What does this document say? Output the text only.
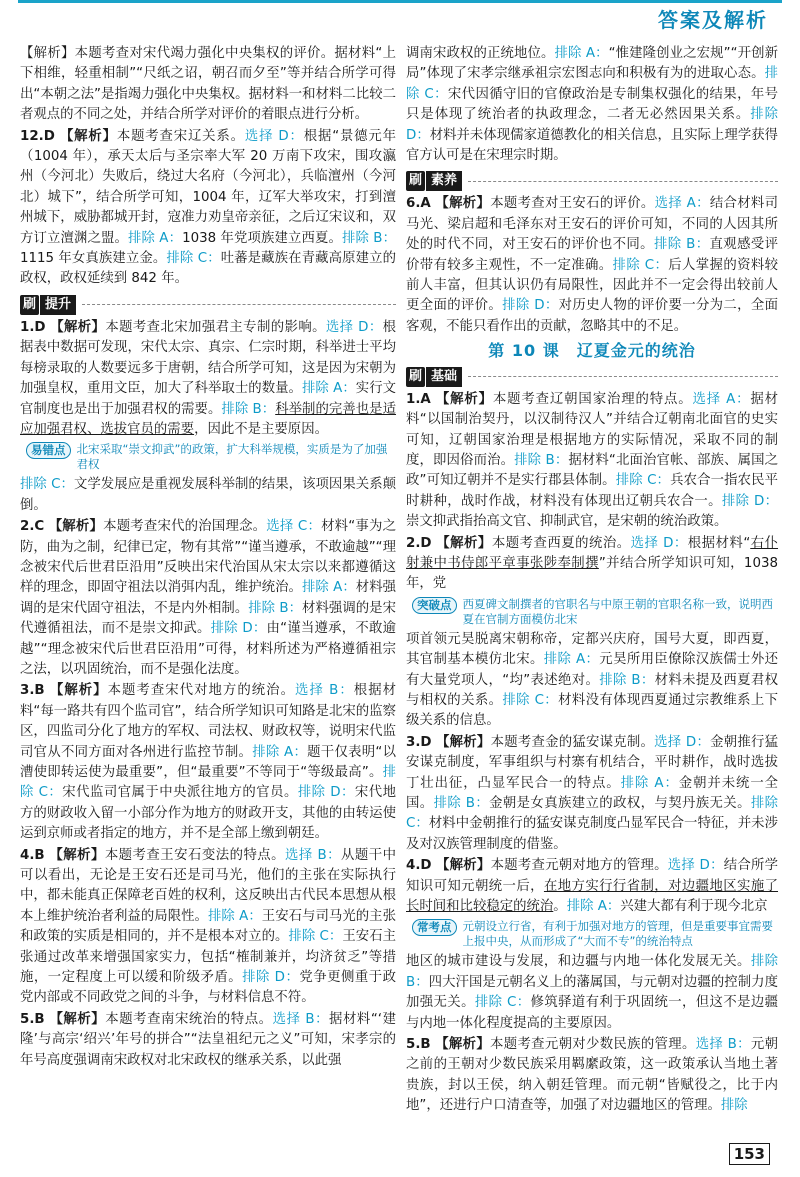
答案及解析

【解析】本题考查对宋代竭力强化中央集权的评价。据材料“上下相维，轻重相制”“尺纸之诏，朝召而夕至”等并结合所学可得出“本朝之法”是指竭力强化中央集权。据材料一和材料二比较二者观点的不同之处，并结合所学对评价的着眼点进行分析。

12.D 【解析】本题考查宋辽关系。选择 D：根据“景德元年（1004 年），承天太后与圣宗率大军 20 万南下攻宋，围攻瀛州（今河北）失败后，绕过大名府（今河北），兵临澶州（今河北）城下”，结合所学可知，1004 年，辽军大举攻宋，打到澶州城下，威胁都城开封，寇准力劝皇帝亲征，之后辽宋议和，双方订立澶渊之盟。排除 A：1038 年党项族建立西夏。排除 B：1115 年女真族建立金。排除 C：吐蕃是藏族在青藏高原建立的政权，政权延续到 842 年。

刷 提升

1.D 【解析】本题考查北宋加强君主专制的影响。选择 D：根据表中数据可发现，宋代太宗、真宗、仁宗时期，科举进士平均每榜录取的人数要远多于唐朝，结合所学可知，这是因为宋朝为加强皇权，重用文臣，加大了科举取士的数量。排除 A：实行文官制度也是出于加强君权的需要。排除 B：科举制的完善也是适应加强君权、选拔官员的需要，因此不是主要原因。

易错点 北宋采取“崇文抑武”的政策，扩大科举规模，实质是为了加强君权

排除 C：文学发展应是重视发展科举制的结果，该项因果关系颠倒。

2.C 【解析】本题考查宋代的治国理念。选择 C：材料“事为之防，曲为之制，纪律已定，物有其常”“谨当遵承，不敢逾越”“理念被宋代后世君臣沿用”反映出宋代治国从宋太宗以来都遵循这样的理念，即固守祖法以消弭内乱，维护统治。排除 A：材料强调的是宋代固守祖法，不是内外相制。排除 B：材料强调的是宋代遵循祖法，而不是崇文抑武。排除 D：由“谨当遵承，不敢逾越”“理念被宋代后世君臣沿用”可得，材料所述为严格遵循祖宗之法，以巩固统治，而不是强化法度。

3.B 【解析】本题考查宋代对地方的统治。选择 B：根据材料“每一路共有四个监司官”，结合所学知识可知路是北宋的监察区，四监司分化了地方的军权、司法权、财政权等，说明宋代监司官从不同方面对各州进行监控节制。排除 A：题干仅表明“以漕使即转运使为最重要”，但“最重要”不等同于“等级最高”。排除 C：宋代监司官属于中央派往地方的官员。排除 D：宋代地方的财政收入留一小部分作为地方的财政开支，其他的由转运使运到京师或者指定的地方，并不是全部上缴到朝廷。

4.B 【解析】本题考查王安石变法的特点。选择 B：从题干中可以看出，无论是王安石还是司马光，他们的主张在实际执行中，都未能真正保障老百姓的权利，这反映出古代民本思想从根本上维护统治者利益的局限性。排除 A：王安石与司马光的主张和政策的实质是相同的，并不是根本对立的。排除 C：王安石主张通过改革来增强国家实力，包括“榷制兼并，均济贫乏”等措施，一定程度上可以缓和阶级矛盾。排除 D：党争更侧重于政党内部或不同政党之间的斗争，与材料信息不符。

5.B 【解析】本题考查南宋统治的特点。选择 B：据材料“‘建隆’与高宗‘绍兴’年号的拼合”“法皇祖纪元之义”可知，宋孝宗的年号高度强调南宋政权对北宋政权的继承关系，以此强

调南宋政权的正统地位。排除 A：“惟建隆创业之宏规”“开创新局”体现了宋孝宗继承祖宗宏图志向和积极有为的进取心态。排除 C：宋代因循守旧的官僚政治是专制集权强化的结果，年号只是体现了统治者的执政理念，二者无必然因果关系。排除 D：材料并未体现儒家道德教化的相关信息，且实际上理学获得官方认可是在宋理宗时期。

刷 素养

6.A 【解析】本题考查对王安石的评价。选择 A：结合材料司马光、梁启超和毛泽东对王安石的评价可知，不同的人因其所处的时代不同，对王安石的评价也不同。排除 B：直观感受评价带有较多主观性，不一定准确。排除 C：后人掌握的资料较前人丰富，但其认识仍有局限性，因此并不一定会得出较前人更全面的评价。排除 D：对历史人物的评价要一分为二，全面客观，不能只看作出的贡献，忽略其中的不足。

第 10 课　辽夏金元的统治
刷 基础

1.A 【解析】本题考查辽朝国家治理的特点。选择 A：据材料“以国制治契丹，以汉制待汉人”并结合辽朝南北面官的史实可知，辽朝国家治理是根据地方的实际情况，采取不同的制度，即因俗而治。排除 B：据材料“北面治官帐、部族、属国之政”可知辽朝并不是实行郡县体制。排除 C：兵农合一指农民平时耕种，战时作战，材料没有体现出辽朝兵农合一。排除 D：崇文抑武指抬高文官、抑制武官，是宋朝的统治政策。

2.D 【解析】本题考查西夏的统治。选择 D：根据材料“右仆射兼中书侍郎平章事张陟奉制撰”并结合所学知识可知，1038 年，党

突破点 西夏碑文制撰者的官职名与中原王朝的官职名称一致，说明西夏在官制方面模仿北宋

项首领元昊脱离宋朝称帝，定都兴庆府，国号大夏，即西夏，其官制基本模仿北宋。排除 A：元昊所用臣僚除汉族儒士外还有大量党项人，“均”表述绝对。排除 B：材料未提及西夏君权与相权的关系。排除 C：材料没有体现西夏通过宗教维系上下级关系的信息。

3.D 【解析】本题考查金的猛安谋克制。选择 D：金朝推行猛安谋克制度，军事组织与村寨有机结合，平时耕作，战时选拔丁壮出征，凸显军民合一的特点。排除 A：金朝并未统一全国。排除 B：金朝是女真族建立的政权，与契丹族无关。排除 C：材料中金朝推行的猛安谋克制度凸显军民合一特征，并未涉及对汉族管理制度的借鉴。

4.D 【解析】本题考查元朝对地方的管理。选择 D：结合所学知识可知元朝统一后，在地方实行行省制，对边疆地区实施了长时间和比较稳定的统治。排除 A：兴建大都有利于现今北京

常考点 元朝设立行省，有利于加强对地方的管理，但是重要事宜需要上报中央，从而形成了“大而不专”的统治特点

地区的城市建设与发展，和边疆与内地一体化发展无关。排除 B：四大汗国是元朝名义上的藩属国，与元朝对边疆的控制力度加强无关。排除 C：修筑驿道有利于巩固统一，但这不是边疆与内地一体化程度提高的主要原因。

5.B 【解析】本题考查元朝对少数民族的管理。选择 B：元朝之前的王朝对少数民族采用羁縻政策，这一政策承认当地土著贵族，封以王侯，纳入朝廷管理。而元朝“皆赋役之，比于内地”，还进行户口清查等，加强了对边疆地区的管理。排除

153
